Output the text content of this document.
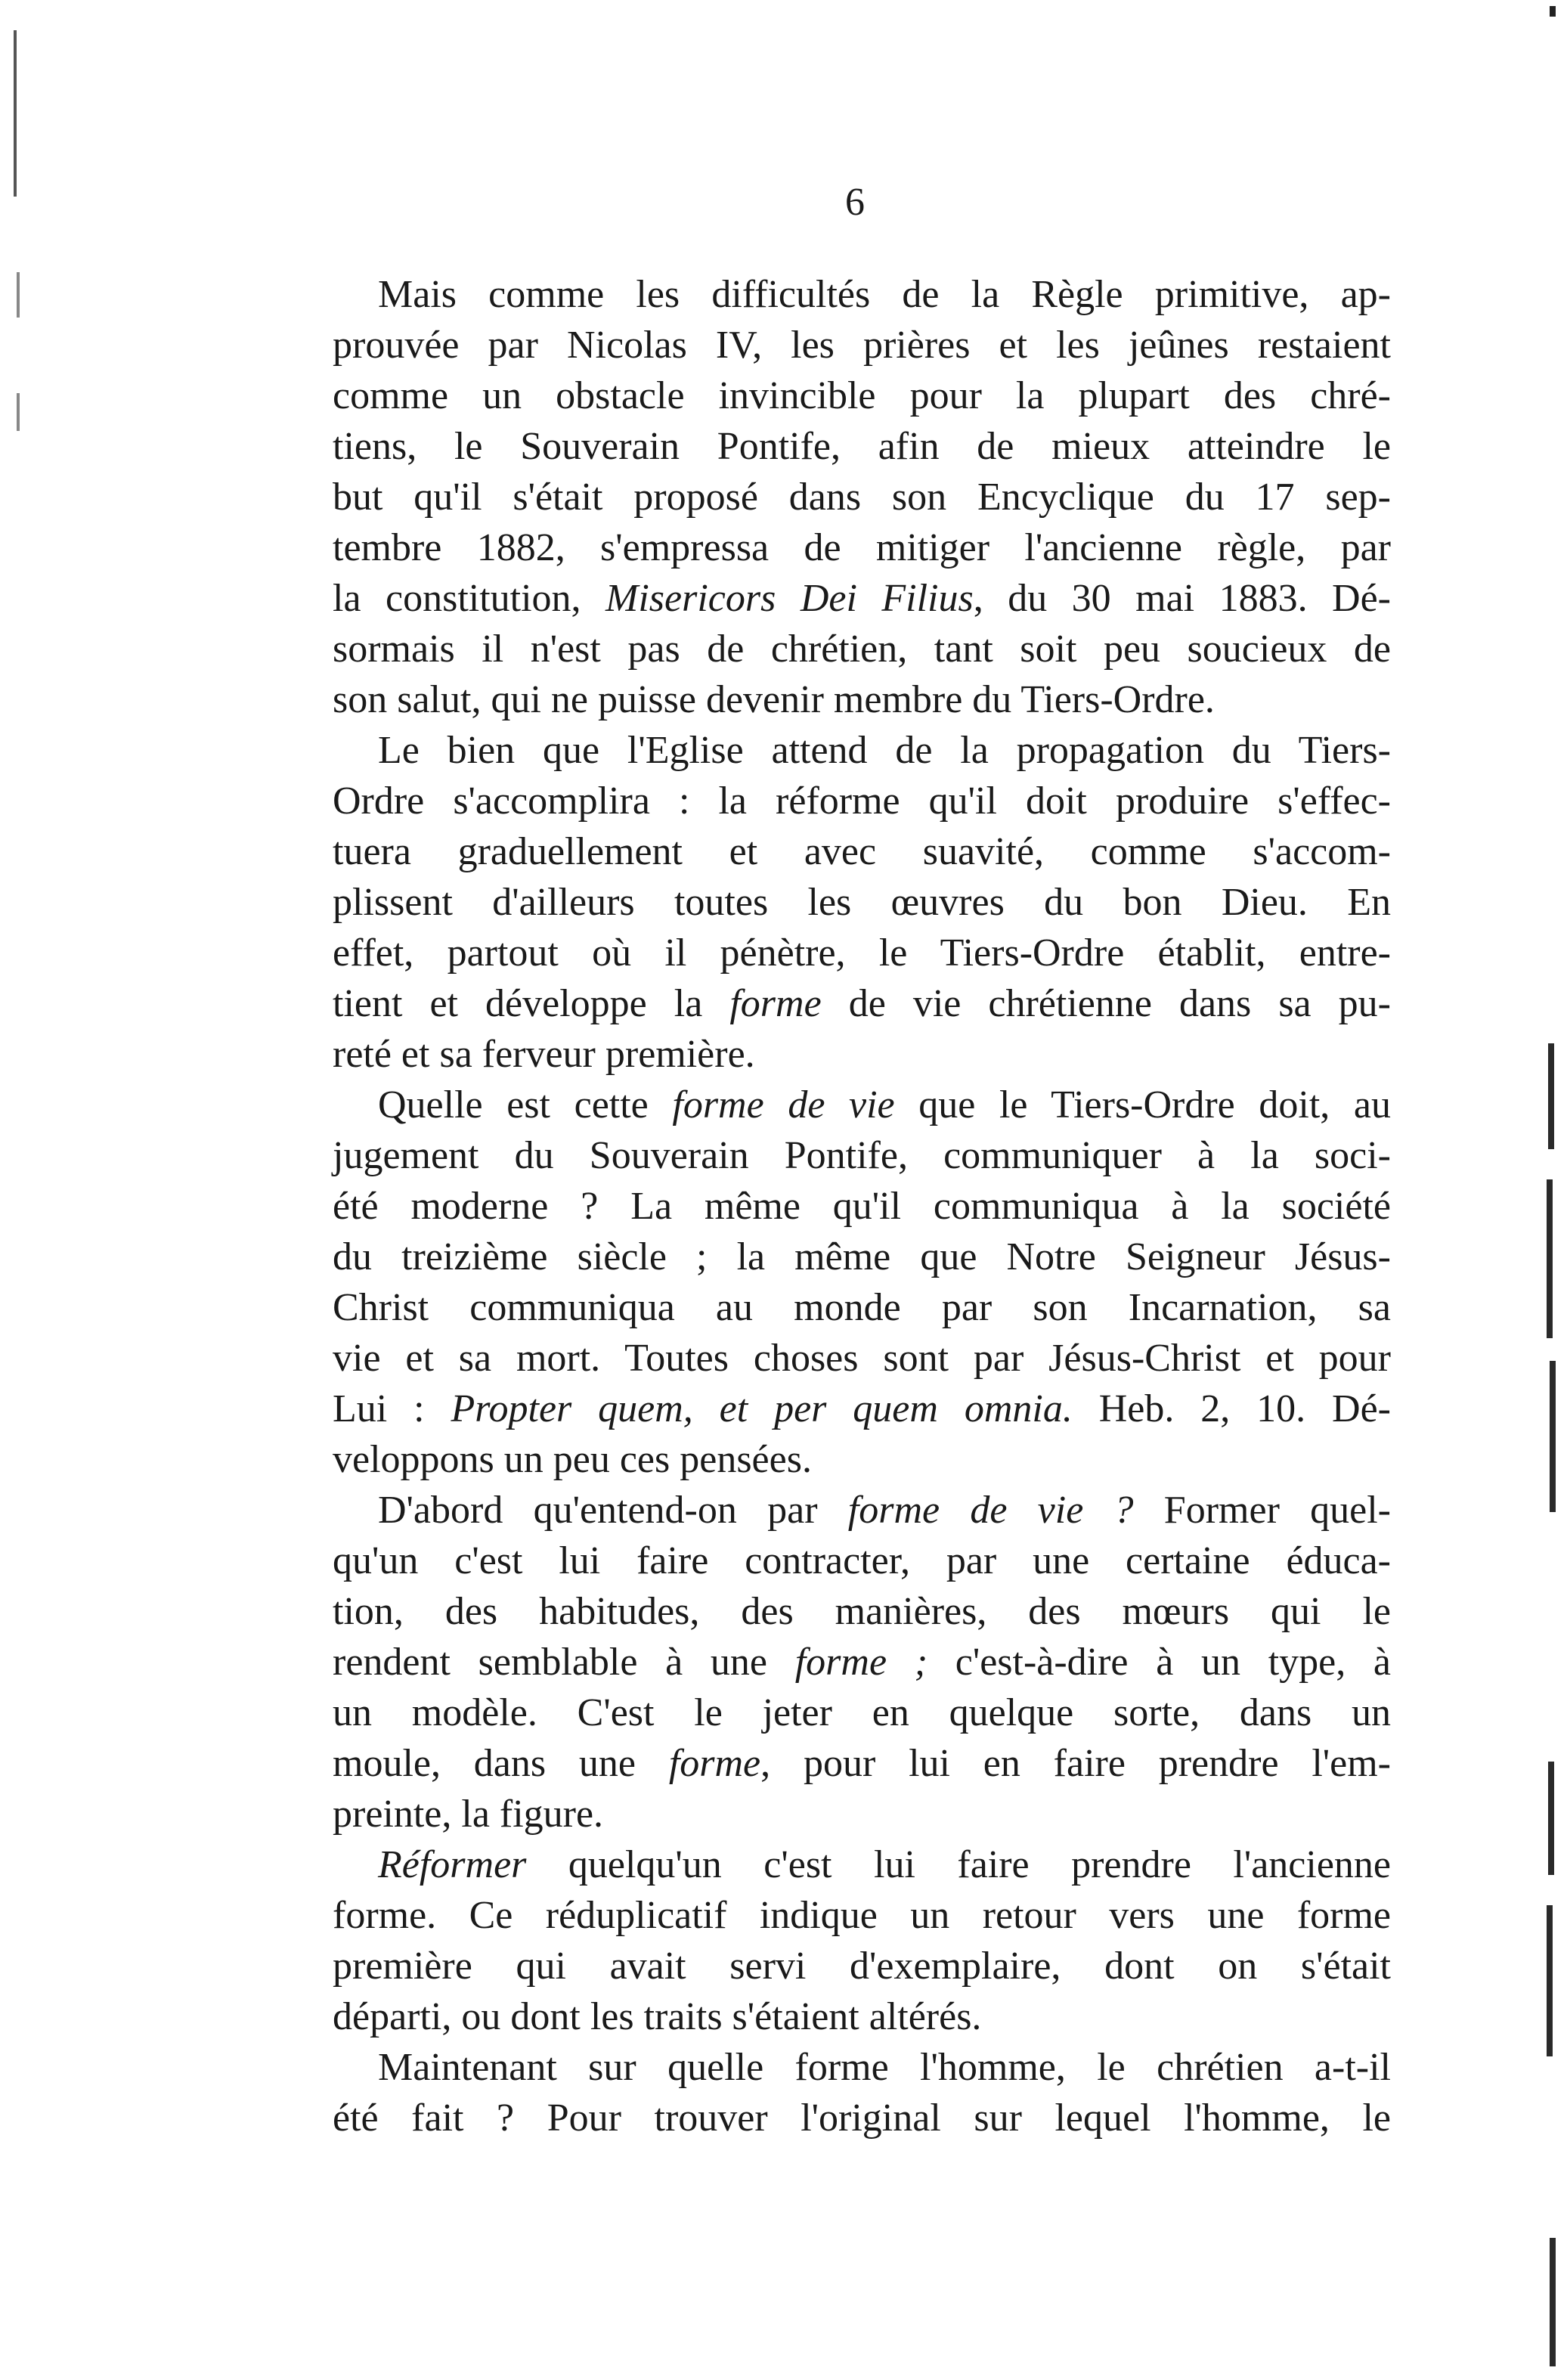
6
Mais comme les difficultés de la Règle primitive, ap-
prouvée par Nicolas IV, les prières et les jeûnes restaient
comme un obstacle invincible pour la plupart des chré-
tiens, le Souverain Pontife, afin de mieux atteindre le
but qu'il s'était proposé dans son Encyclique du 17 sep-
tembre 1882, s'empressa de mitiger l'ancienne règle, par
la constitution, Misericors Dei Filius, du 30 mai 1883. Dé-
sormais il n'est pas de chrétien, tant soit peu soucieux de
son salut, qui ne puisse devenir membre du Tiers-Ordre.
Le bien que l'Eglise attend de la propagation du Tiers-
Ordre s'accomplira : la réforme qu'il doit produire s'effec-
tuera graduellement et avec suavité, comme s'accom-
plissent d'ailleurs toutes les œuvres du bon Dieu. En
effet, partout où il pénètre, le Tiers-Ordre établit, entre-
tient et développe la forme de vie chrétienne dans sa pu-
reté et sa ferveur première.
Quelle est cette forme de vie que le Tiers-Ordre doit, au
jugement du Souverain Pontife, communiquer à la soci-
été moderne ? La même qu'il communiqua à la société
du treizième siècle ; la même que Notre Seigneur Jésus-
Christ communiqua au monde par son Incarnation, sa
vie et sa mort. Toutes choses sont par Jésus-Christ et pour
Lui : Propter quem, et per quem omnia. Heb. 2, 10. Dé-
veloppons un peu ces pensées.
D'abord qu'entend-on par forme de vie ? Former quel-
qu'un c'est lui faire contracter, par une certaine éduca-
tion, des habitudes, des manières, des mœurs qui le
rendent semblable à une forme ; c'est-à-dire à un type, à
un modèle. C'est le jeter en quelque sorte, dans un
moule, dans une forme, pour lui en faire prendre l'em-
preinte, la figure.
Réformer quelqu'un c'est lui faire prendre l'ancienne
forme. Ce réduplicatif indique un retour vers une forme
première qui avait servi d'exemplaire, dont on s'était
départi, ou dont les traits s'étaient altérés.
Maintenant sur quelle forme l'homme, le chrétien a-t-il
été fait ? Pour trouver l'original sur lequel l'homme, le
